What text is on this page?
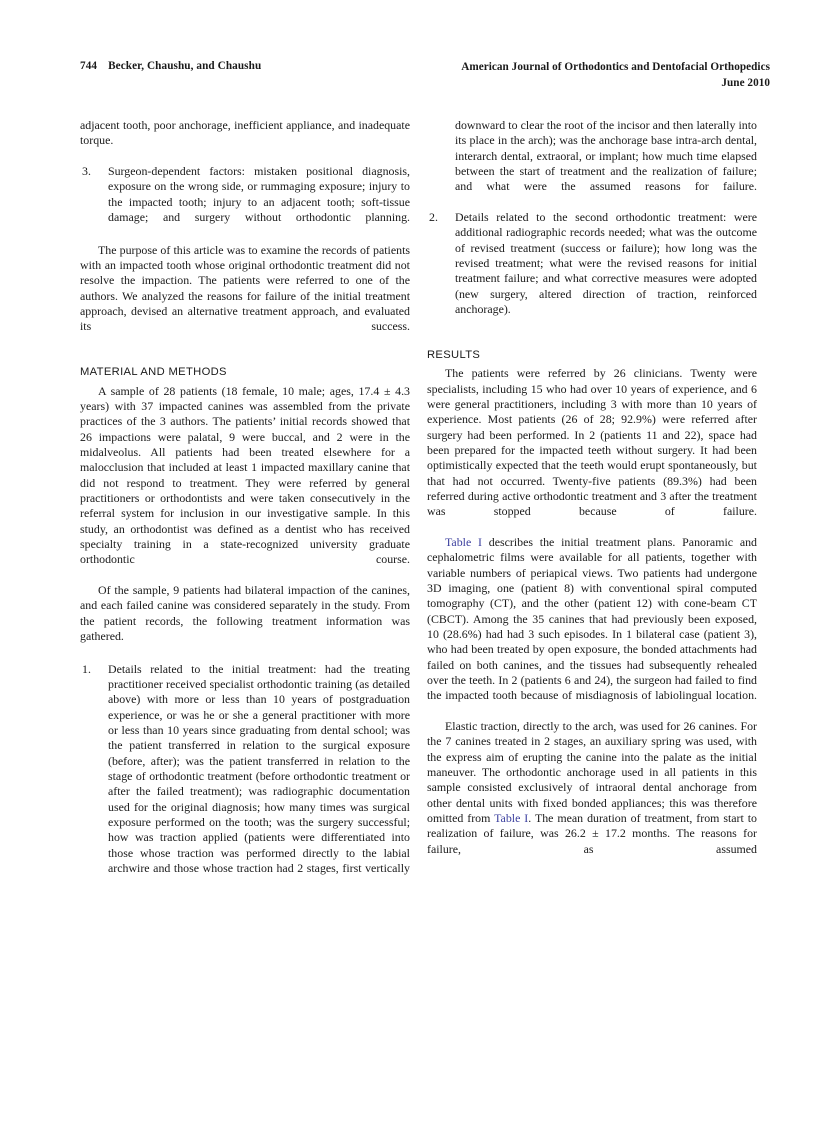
744 Becker, Chaushu, and Chaushu	American Journal of Orthodontics and Dentofacial Orthopedics
June 2010

adjacent tooth, poor anchorage, inefficient appliance, and inadequate torque.

3.	Surgeon-dependent factors: mistaken positional diagnosis, exposure on the wrong side, or rummaging exposure; injury to the impacted tooth; injury to an adjacent tooth; soft-tissue damage; and surgery without orthodontic planning.

The purpose of this article was to examine the records of patients with an impacted tooth whose original orthodontic treatment did not resolve the impaction. The patients were referred to one of the authors. We analyzed the reasons for failure of the initial treatment approach, devised an alternative treatment approach, and evaluated its success.

MATERIAL AND METHODS

A sample of 28 patients (18 female, 10 male; ages, 17.4 ± 4.3 years) with 37 impacted canines was assembled from the private practices of the 3 authors. The patients’ initial records showed that 26 impactions were palatal, 9 were buccal, and 2 were in the midalveolus. All patients had been treated elsewhere for a malocclusion that included at least 1 impacted maxillary canine that did not respond to treatment. They were referred by general practitioners or orthodontists and were taken consecutively in the referral system for inclusion in our investigative sample. In this study, an orthodontist was defined as a dentist who has received specialty training in a state-recognized university graduate orthodontic course.

Of the sample, 9 patients had bilateral impaction of the canines, and each failed canine was considered separately in the study. From the patient records, the following treatment information was gathered.

1.	Details related to the initial treatment: had the treating practitioner received specialist orthodontic training (as detailed above) with more or less than 10 years of postgraduation experience, or was he or she a general practitioner with more or less than 10 years since graduating from dental school; was the patient transferred in relation to the surgical exposure (before, after); was the patient transferred in relation to the stage of orthodontic treatment (before orthodontic treatment or after the failed treatment); was radiographic documentation used for the original diagnosis; how many times was surgical exposure performed on the tooth; was the surgery successful; how was traction applied (patients were differentiated into those whose traction was performed directly to the labial archwire and those whose traction had 2 stages, first vertically
downward to clear the root of the incisor and then laterally into its place in the arch); was the anchorage base intra-arch dental, interarch dental, extraoral, or implant; how much time elapsed between the start of treatment and the realization of failure; and what were the assumed reasons for failure.
2.	Details related to the second orthodontic treatment: were additional radiographic records needed; what was the outcome of revised treatment (success or failure); how long was the revised treatment; what were the revised reasons for initial treatment failure; and what corrective measures were adopted (new surgery, altered direction of traction, reinforced anchorage).

RESULTS

The patients were referred by 26 clinicians. Twenty were specialists, including 15 who had over 10 years of experience, and 6 were general practitioners, including 3 with more than 10 years of experience. Most patients (26 of 28; 92.9%) were referred after surgery had been performed. In 2 (patients 11 and 22), space had been prepared for the impacted teeth without surgery. It had been optimistically expected that the teeth would erupt spontaneously, but that had not occurred. Twenty-five patients (89.3%) had been referred during active orthodontic treatment and 3 after the treatment was stopped because of failure.

Table I describes the initial treatment plans. Panoramic and cephalometric films were available for all patients, together with variable numbers of periapical views. Two patients had undergone 3D imaging, one (patient 8) with conventional spiral computed tomography (CT), and the other (patient 12) with cone-beam CT (CBCT). Among the 35 canines that had previously been exposed, 10 (28.6%) had had 3 such episodes. In 1 bilateral case (patient 3), who had been treated by open exposure, the bonded attachments had failed on both canines, and the tissues had subsequently rehealed over the teeth. In 2 (patients 6 and 24), the surgeon had failed to find the impacted tooth because of misdiagnosis of labiolingual location.

Elastic traction, directly to the arch, was used for 26 canines. For the 7 canines treated in 2 stages, an auxiliary spring was used, with the express aim of erupting the canine into the palate as the initial maneuver. The orthodontic anchorage used in all patients in this sample consisted exclusively of intraoral dental anchorage from other dental units with fixed bonded appliances; this was therefore omitted from Table I. The mean duration of treatment, from start to realization of failure, was 26.2 ± 17.2 months. The reasons for failure, as assumed
